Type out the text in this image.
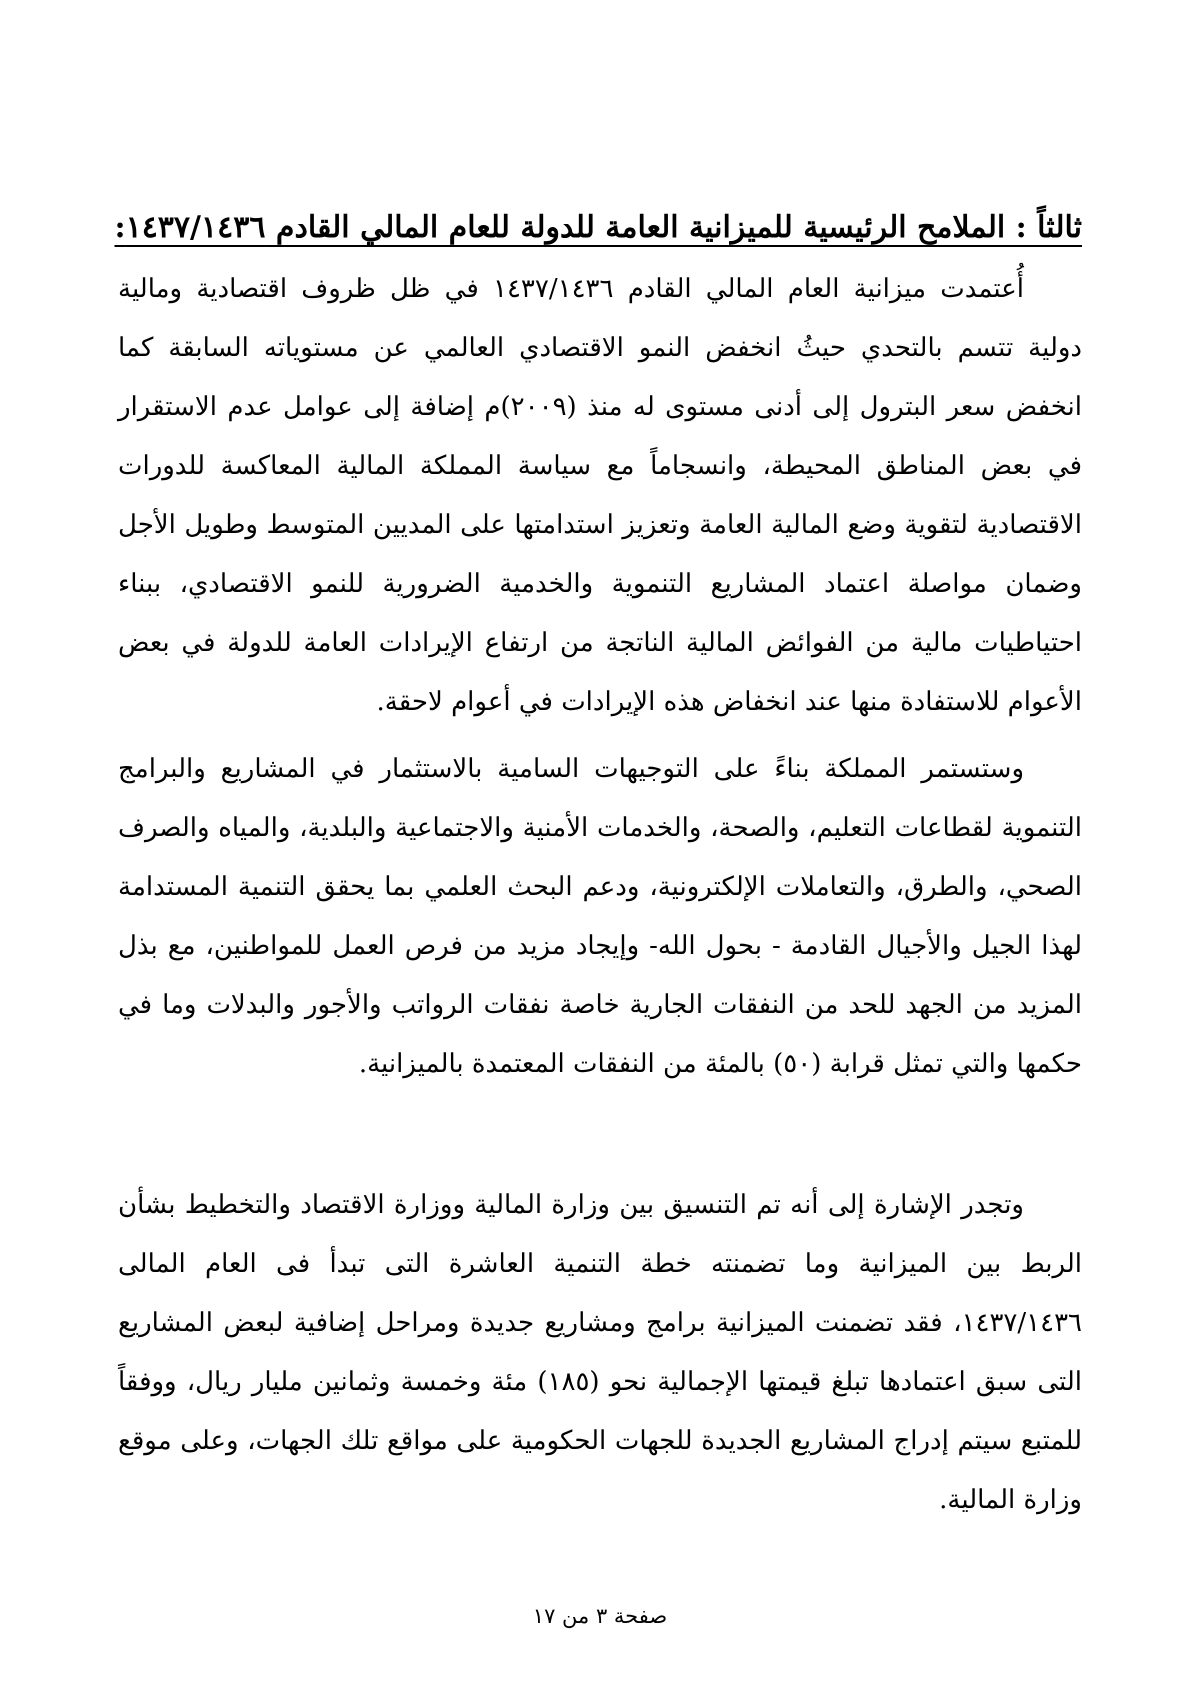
ثالثاً : الملامح الرئيسية للميزانية العامة للدولة للعام المالي القادم ١٤٣٧/١٤٣٦:

أُعتمدت ميزانية العام المالي القادم ١٤٣٧/١٤٣٦ في ظل ظروف اقتصادية ومالية دولية تتسم بالتحدي حيثُ انخفض النمو الاقتصادي العالمي عن مستوياته السابقة كما انخفض سعر البترول إلى أدنى مستوى له منذ (٢٠٠٩)م إضافة إلى عوامل عدم الاستقرار في بعض المناطق المحيطة، وانسجاماً مع سياسة المملكة المالية المعاكسة للدورات الاقتصادية لتقوية وضع المالية العامة وتعزيز استدامتها على المديين المتوسط وطويل الأجل وضمان مواصلة اعتماد المشاريع التنموية والخدمية الضرورية للنمو الاقتصادي، ببناء احتياطيات مالية من الفوائض المالية الناتجة من ارتفاع الإيرادات العامة للدولة في بعض الأعوام للاستفادة منها عند انخفاض هذه الإيرادات في أعوام لاحقة.

وستستمر المملكة بناءً على التوجيهات السامية بالاستثمار في المشاريع والبرامج التنموية لقطاعات التعليم، والصحة، والخدمات الأمنية والاجتماعية والبلدية، والمياه والصرف الصحي، والطرق، والتعاملات الإلكترونية، ودعم البحث العلمي بما يحقق التنمية المستدامة لهذا الجيل والأجيال القادمة - بحول الله- وإيجاد مزيد من فرص العمل للمواطنين، مع بذل المزيد من الجهد للحد من النفقات الجارية خاصة نفقات الرواتب والأجور والبدلات وما في حكمها والتي تمثل قرابة (٥٠) بالمئة من النفقات المعتمدة بالميزانية.

وتجدر الإشارة إلى أنه تم التنسيق بين وزارة المالية ووزارة الاقتصاد والتخطيط بشأن الربط بين الميزانية وما تضمنته خطة التنمية العاشرة التى تبدأ فى العام المالى ١٤٣٧/١٤٣٦، فقد تضمنت الميزانية برامج ومشاريع جديدة ومراحل إضافية لبعض المشاريع التى سبق اعتمادها تبلغ قيمتها الإجمالية نحو (١٨٥) مئة وخمسة وثمانين مليار ريال، ووفقاً للمتبع سيتم إدراج المشاريع الجديدة للجهات الحكومية على مواقع تلك الجهات، وعلى موقع وزارة المالية.

صفحة ٣ من ١٧
